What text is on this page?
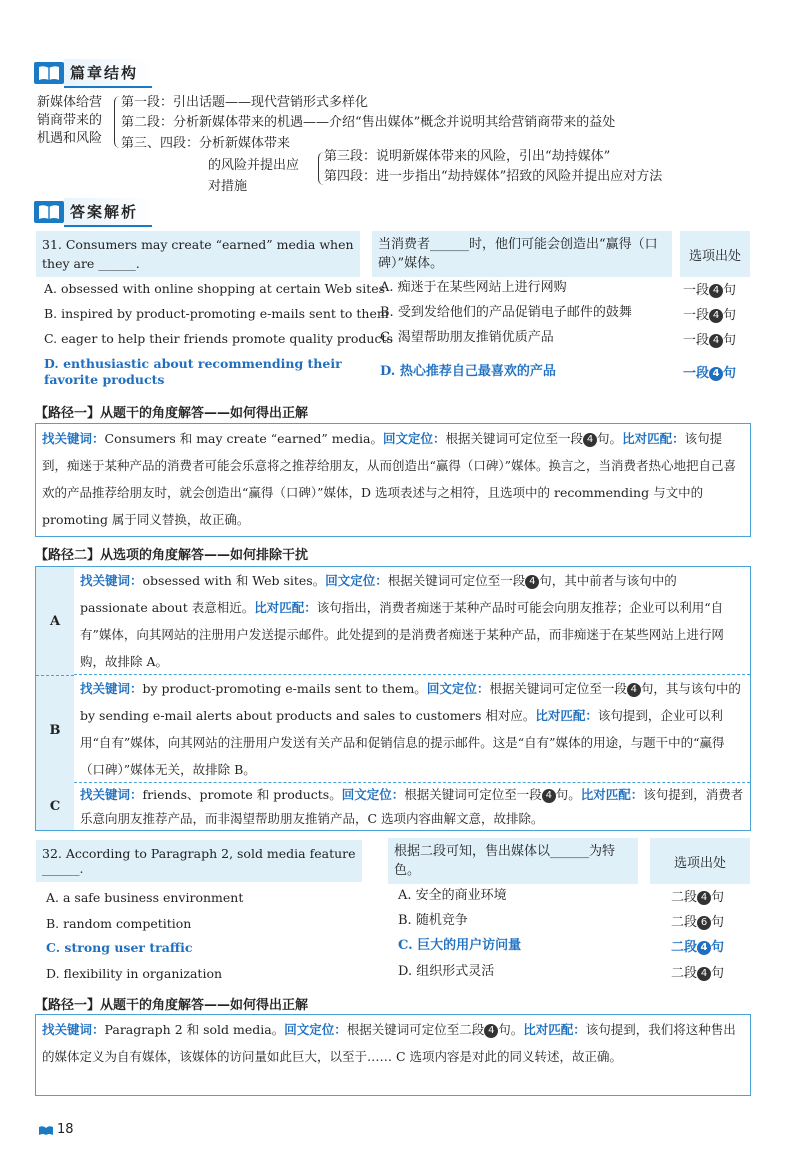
篇章结构
新媒体给营
销商带来的
机遇和风险
第一段：引出话题——现代营销形式多样化
第二段：分析新媒体带来的机遇——介绍“售出媒体”概念并说明其给营销商带来的益处
第三、四段：分析新媒体带来
的风险并提出应
对措施
第三段：说明新媒体带来的风险，引出“劫持媒体”
第四段：进一步指出“劫持媒体”招致的风险并提出应对方法
答案解析
31. Consumers may create “earned” media when they are ______.
当消费者______时，他们可能会创造出“赢得（口碑）”媒体。	选项出处
A. obsessed with online shopping at certain Web sites
B. inspired by product-promoting e-mails sent to them
C. eager to help their friends promote quality products
D. enthusiastic about recommending their favorite products
A. 痴迷于在某些网站上进行网购
B. 受到发给他们的产品促销电子邮件的鼓舞
C. 渴望帮助朋友推销优质产品
D. 热心推荐自己最喜欢的产品
一段 4 句
一段 4 句
一段 4 句
一段 4 句
【路径一】从题干的角度解答——如何得出正解
找关键词：Consumers 和 may create “earned” media。回文定位：根据关键词可定位至一段 4 句。比对匹配：该句提到，痴迷于某种产品的消费者可能会乐意将之推荐给朋友，从而创造出“赢得（口碑）”媒体。换言之，当消费者热心地把自己喜欢的产品推荐给朋友时，就会创造出“赢得（口碑）”媒体，D 选项表述与之相符，且选项中的 recommending 与文中的 promoting 属于同义替换，故正确。
【路径二】从选项的角度解答——如何排除干扰
A
找关键词：obsessed with 和 Web sites。回文定位：根据关键词可定位至一段 4 句，其中前者与该句中的 passionate about 表意相近。比对匹配：该句指出，消费者痴迷于某种产品时可能会向朋友推荐；企业可以利用“自有”媒体，向其网站的注册用户发送提示邮件。此处提到的是消费者痴迷于某种产品，而非痴迷于在某些网站上进行网购，故排除 A。
B
找关键词：by product-promoting e-mails sent to them。回文定位：根据关键词可定位至一段 4 句，其与该句中的 by sending e-mail alerts about products and sales to customers 相对应。比对匹配：该句提到，企业可以利用“自有”媒体，向其网站的注册用户发送有关产品和促销信息的提示邮件。这是“自有”媒体的用途，与题干中的“赢得（口碑）”媒体无关，故排除 B。
C
找关键词：friends、promote 和 products。回文定位：根据关键词可定位至一段 4 句。比对匹配：该句提到，消费者乐意向朋友推荐产品，而非渴望帮助朋友推销产品，C 选项内容曲解文意，故排除。
32. According to Paragraph 2, sold media feature ______.
根据二段可知，售出媒体以______为特色。	选项出处
A. a safe business environment
B. random competition
C. strong user traffic
D. flexibility in organization
A. 安全的商业环境
B. 随机竞争
C. 巨大的用户访问量
D. 组织形式灵活
二段 4 句
二段 6 句
二段 4 句
二段 4 句
【路径一】从题干的角度解答——如何得出正解
找关键词：Paragraph 2 和 sold media。回文定位：根据关键词可定位至二段 4 句。比对匹配：该句提到，我们将这种售出的媒体定义为自有媒体，该媒体的访问量如此巨大，以至于…… C 选项内容是对此的同义转述，故正确。
18
